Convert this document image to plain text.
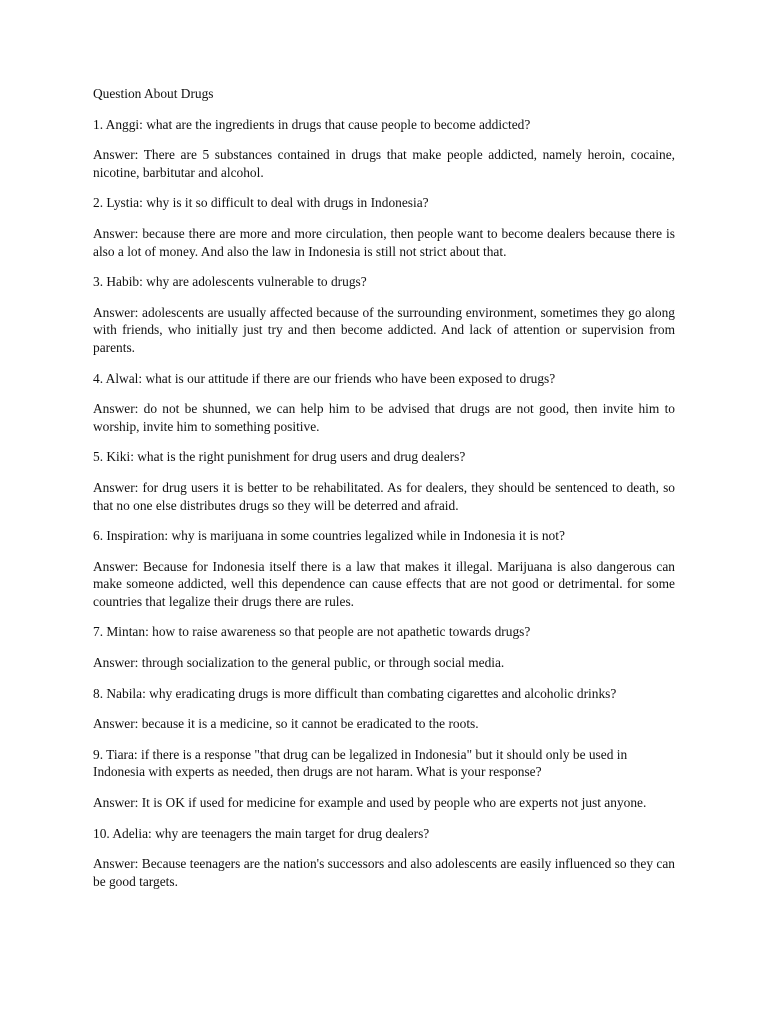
Question About Drugs
1. Anggi: what are the ingredients in drugs that cause people to become addicted?
Answer: There are 5 substances contained in drugs that make people addicted, namely heroin, cocaine, nicotine, barbitutar and alcohol.
2. Lystia: why is it so difficult to deal with drugs in Indonesia?
Answer: because there are more and more circulation, then people want to become dealers because there is also a lot of money. And also the law in Indonesia is still not strict about that.
3. Habib: why are adolescents vulnerable to drugs?
Answer: adolescents are usually affected because of the surrounding environment, sometimes they go along with friends, who initially just try and then become addicted. And lack of attention or supervision from parents.
4. Alwal: what is our attitude if there are our friends who have been exposed to drugs?
Answer: do not be shunned, we can help him to be advised that drugs are not good, then invite him to worship, invite him to something positive.
5. Kiki: what is the right punishment for drug users and drug dealers?
Answer: for drug users it is better to be rehabilitated. As for dealers, they should be sentenced to death, so that no one else distributes drugs so they will be deterred and afraid.
6. Inspiration: why is marijuana in some countries legalized while in Indonesia it is not?
Answer: Because for Indonesia itself there is a law that makes it illegal. Marijuana is also dangerous can make someone addicted, well this dependence can cause effects that are not good or detrimental. for some countries that legalize their drugs there are rules.
7. Mintan: how to raise awareness so that people are not apathetic towards drugs?
Answer: through socialization to the general public, or through social media.
8. Nabila: why eradicating drugs is more difficult than combating cigarettes and alcoholic drinks?
Answer: because it is a medicine, so it cannot be eradicated to the roots.
9. Tiara: if there is a response "that drug can be legalized in Indonesia" but it should only be used in Indonesia with experts as needed, then drugs are not haram. What is your response?
Answer: It is OK if used for medicine for example and used by people who are experts not just anyone.
10. Adelia: why are teenagers the main target for drug dealers?
Answer: Because teenagers are the nation's successors and also adolescents are easily influenced so they can be good targets.
